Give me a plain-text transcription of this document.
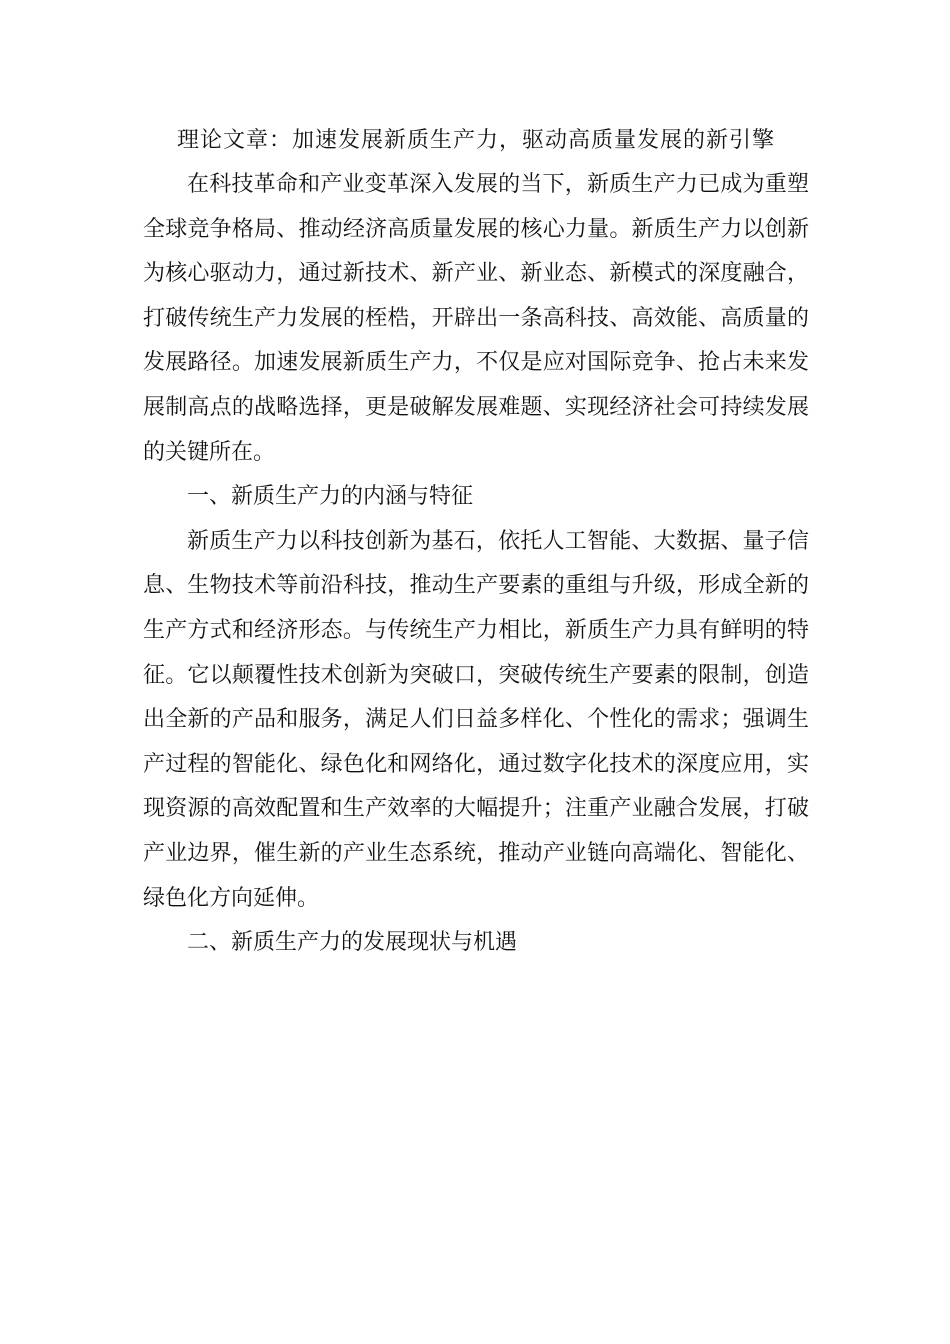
理论文章：加速发展新质生产力，驱动高质量发展的新引擎

在科技革命和产业变革深入发展的当下，新质生产力已成为重塑全球竞争格局、推动经济高质量发展的核心力量。新质生产力以创新为核心驱动力，通过新技术、新产业、新业态、新模式的深度融合，打破传统生产力发展的桎梏，开辟出一条高科技、高效能、高质量的发展路径。加速发展新质生产力，不仅是应对国际竞争、抢占未来发展制高点的战略选择，更是破解发展难题、实现经济社会可持续发展的关键所在。

一、新质生产力的内涵与特征

新质生产力以科技创新为基石，依托人工智能、大数据、量子信息、生物技术等前沿科技，推动生产要素的重组与升级，形成全新的生产方式和经济形态。与传统生产力相比，新质生产力具有鲜明的特征。它以颠覆性技术创新为突破口，突破传统生产要素的限制，创造出全新的产品和服务，满足人们日益多样化、个性化的需求；强调生产过程的智能化、绿色化和网络化，通过数字化技术的深度应用，实现资源的高效配置和生产效率的大幅提升；注重产业融合发展，打破产业边界，催生新的产业生态系统，推动产业链向高端化、智能化、绿色化方向延伸。

二、新质生产力的发展现状与机遇
